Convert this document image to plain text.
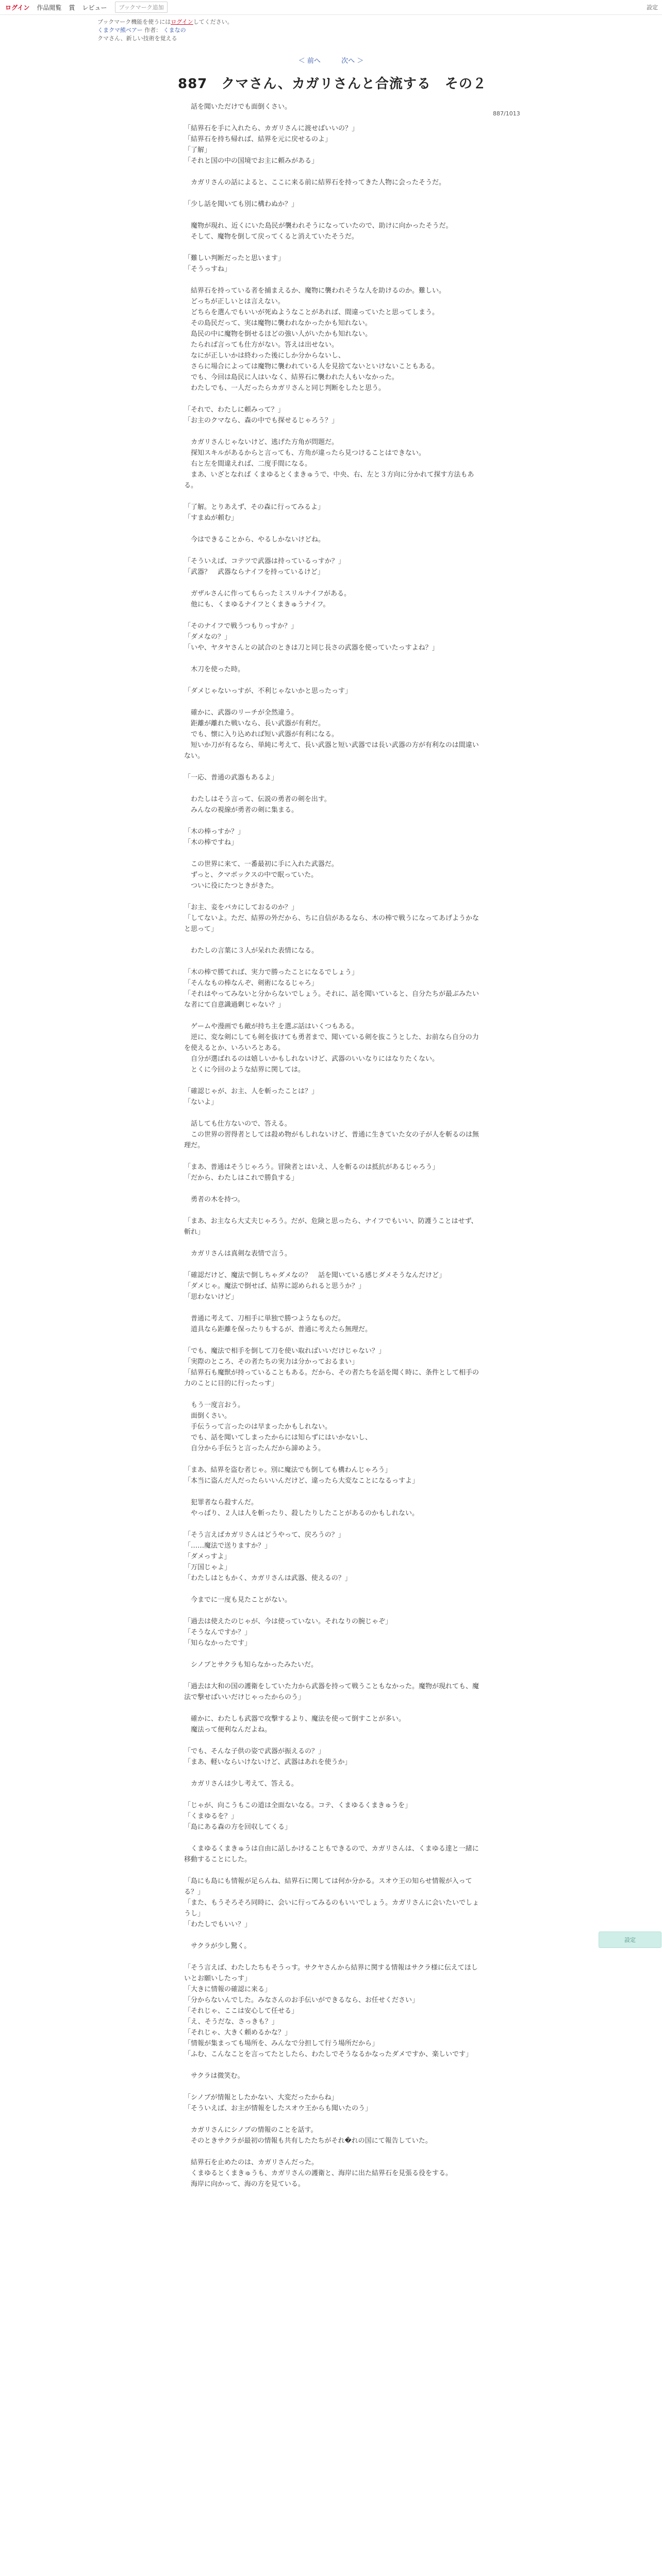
ログイン 作品閲覧 賞 レビュー	ブックマーク追加	設定
ブックマーク機能を使うにはログインしてください。
くまクマ熊ベアー 作者： くまなの
クマさん、新しい技術を覚える
＜ 前へ	次へ ＞
887/1013
887　クマさん、カガリさんと合流する　その２
　話を聞いただけでも面倒くさい。

「結界石を手に入れたら、カガリさんに渡せばいいの？」
「結界石を持ち帰れば、結界を元に戻せるのよ」
「了解」
「それと国の中の国境でお主に頼みがある」

　カガリさんの話によると、ここに来る前に結界石を持ってきた人物に会ったそうだ。

「少し話を聞いても別に構わぬか？」

　魔物が現れ、近くにいた島民が襲われそうになっていたので、助けに向かったそうだ。
　そして、魔物を倒して戻ってくると消えていたそうだ。

「難しい判断だったと思います」
「そうっすね」

　結界石を持っている者を捕まえるか、魔物に襲われそうな人を助けるのか。難しい。
　どっちが正しいとは言えない。
　どちらを選んでもいいが死ぬようなことがあれば、間違っていたと思ってしまう。
　その島民だって、実は魔物に襲われなかったかも知れない。
　島民の中に魔物を倒せるほどの強い人がいたかも知れない。
　たられば言っても仕方がない。答えは出せない。
　なにが正しいかは終わった後にしか分からないし、
　さらに場合によっては魔物に襲われている人を見捨てないといけないこともある。
　でも、今回は島民に人はいなく、結界石に襲われた人もいなかった。
　わたしでも、一人だったらカガリさんと同じ判断をしたと思う。

「それで、わたしに頼みって？」
「お主のクマなら、森の中でも探せるじゃろう？」

　カガリさんじゃないけど、逃げた方角が問題だ。
　探知スキルがあるからと言っても、方角が違ったら見つけることはできない。
　右と左を間違えれば、二度手間になる。
　まあ、いざとなれば くまゆるとくまきゅうで、中央、右、左と３方向に分かれて探す方法もある。

「了解。とりあえず、その森に行ってみるよ」
「すまぬが頼む」

　今はできることから、やるしかないけどね。

「そういえば、コテツで武器は持っているっすか？」
「武器？　武器ならナイフを持っているけど」

　ガザルさんに作ってもらったミスリルナイフがある。
　他にも、くまゆるナイフとくまきゅうナイフ。

「そのナイフで戦うつもりっすか？」
「ダメなの？」
「いや、ヤタヤさんとの試合のときは刀と同じ長さの武器を使っていたっすよね？」

　木刀を使った時。

「ダメじゃないっすが、不利じゃないかと思ったっす」

　確かに、武器のリーチが全然違う。
　距離が離れた戦いなら、長い武器が有利だ。
　でも、懐に入り込めれば短い武器が有利になる。
　短いか刀が有るなら、単純に考えて、長い武器と短い武器では長い武器の方が有利なのは間違いない。

「一応、普通の武器もあるよ」

　わたしはそう言って、伝説の勇者の剣を出す。
　みんなの視線が勇者の剣に集まる。

「木の棒っすか？」
「木の棒ですね」

　この世界に来て、一番最初に手に入れた武器だ。
　ずっと、クマボックスの中で眠っていた。
　ついに役にたつときがきた。

「お主、妾をバカにしておるのか？」
「してないよ。ただ、結界の外だから、ちに自信があるなら、木の棒で戦うになってあげようかなと思って」

　わたしの言葉に３人が呆れた表情になる。

「木の棒で勝てれば、実力で勝ったことになるでしょう」
「そんなもの棒なんぞ、剣術になるじゃろ」
「それはやってみないと分からないでしょう。それに、話を聞いていると、自分たちが最ぶみたいな者にて自意識過剰じゃない？」

　ゲームや漫画でも敵が持ち主を選ぶ話はいくつもある。
　逆に、変な剣にしても剣を抜けても勇者まで、聞いている剣を抜こうとした、お前なら自分の力を使えるとか、いろいろとある。
　自分が選ばれるのは嬉しいかもしれないけど、武器のいいなりにはなりたくない。
　とくに今回のような結界に関しては。

「確認じゃが、お主、人を斬ったことは？」
「ないよ」

　話しても仕方ないので、答える。
　この世界の習得者としては殺め物がもしれないけど、普通に生きていた女の子が人を斬るのは無理だ。

「まあ、普通はそうじゃろう。冒険者とはいえ、人を斬るのは抵抗があるじゃろう」
「だから、わたしはこれで勝負する」

　勇者の木を持つ。

「まあ、お主なら大丈夫じゃろう。だが、危険と思ったら、ナイフでもいい、防護うことはせず、斬れ」

　カガリさんは真剣な表情で言う。

「確認だけど、魔法で倒しちゃダメなの？　話を聞いている感じダメそうなんだけど」
「ダメじゃ。魔法で倒せば、結界に認められると思うか？」
「思わないけど」

　普通に考えて、刀相手に単独で勝つようなものだ。
　道具なら距離を保ったりもするが、普通に考えたら無理だ。

「でも、魔法で相手を倒して刀を使い取ればいいだけじゃない？」
「実際のところ、その者たちの実力は分かっておるまい」
「結界石も魔獣が持っていることもある。だから、その者たちを話を聞く時に、条件として相手の力のことに目的に行ったっす」

　もう一度言おう。
　面倒くさい。
　手伝うって言ったのは早まったかもしれない。
　でも、話を聞いてしまったからには知らずにはいかないし、
　自分から手伝うと言ったんだから諦めよう。

「まあ、結界を盗む者じゃ。別に魔法でも倒しても構わんじゃろう」
「本当に盗んだ人だったらいいんだけど、違ったら大変なことになるっすよ」

　犯罪者なら殺すんだ。
　やっぱり、２人は人を斬ったり、殺したりしたことがあるのかもしれない。

「そう言えばカガリさんはどうやって、戻ろうの？」
「……魔法で送りますか？」
「ダメっすよ」
「万国じゃよ」
「わたしはともかく、カガリさんは武器、使えるの？」

　今までに一度も見たことがない。

「過去は使えたのじゃが、今は使っていない。それなりの腕じゃぞ」
「そうなんですか？」
「知らなかったです」

　シノブとサクラも知らなかったみたいだ。

「過去は大和の国の護衛をしていた力から武器を持って戦うこともなかった。魔物が現れても、魔法で撃せばいいだけじゃったからのう」

　確かに、わたしも武器で攻撃するより、魔法を使って倒すことが多い。
　魔法って便利なんだよね。

「でも、そんな子供の姿で武器が振えるの？」
「まあ、軽いならいけないけど、武器はあれを使うか」

　カガリさんは少し考えて、答える。

「じゃが、向こうもこの道は全面ないなる。コテ、くまゆるくまきゅうを」
「くまゆるを？」
「島にある森の方を回収してくる」

　くまゆるくまきゅうは自由に話しかけることもできるので、カガリさんは、くまゆる達と一緒に移動することにした。

「島にも島にも情報が足らんね、結界石に関しては何か分かる。スオウ王の知らせ情報が入ってる？」
「また、もうそろそろ同時に、会いに行ってみるのもいいでしょう。カガリさんに会いたいでしょうし」
「わたしでもいい？」

　サクラが少し驚く。

「そう言えば、わたしたちもそうっす。サクヤさんから結界に関する情報はサクラ様に伝えてほしいとお願いしたっす」
「大きに情報の確認に来る」
「分からないんでした。みなさんのお手伝いができるなら、お任せください」
「それじゃ、ここは安心して任せる」
「え、そうだな、さっきも？」
「それじゃ、大きく頼めるかな？」
「情報が集まっても場所を、みんなで分担して行う場所だから」
「ふむ、こんなことを言ってたとしたら、わたしでそうなるかなったダメですか、楽しいです」

　サクラは微笑む。

「シノブが情報としたかない、大変だったからね」
「そういえば、お主が情報をしたスオウ王からも聞いたのう」

　カガリさんにシノブの情報のことを話す。
　そのときサクラが最初の情報も共有したたちがそれ�れの国にて報告していた。

　結界石を止めたのは、カガリさんだった。
　くまゆるとくまきゅうも、カガリさんの護衛と、海岸に出た結界石を見張る役をする。
　海岸に向かって、海の方を見ている。
設定
